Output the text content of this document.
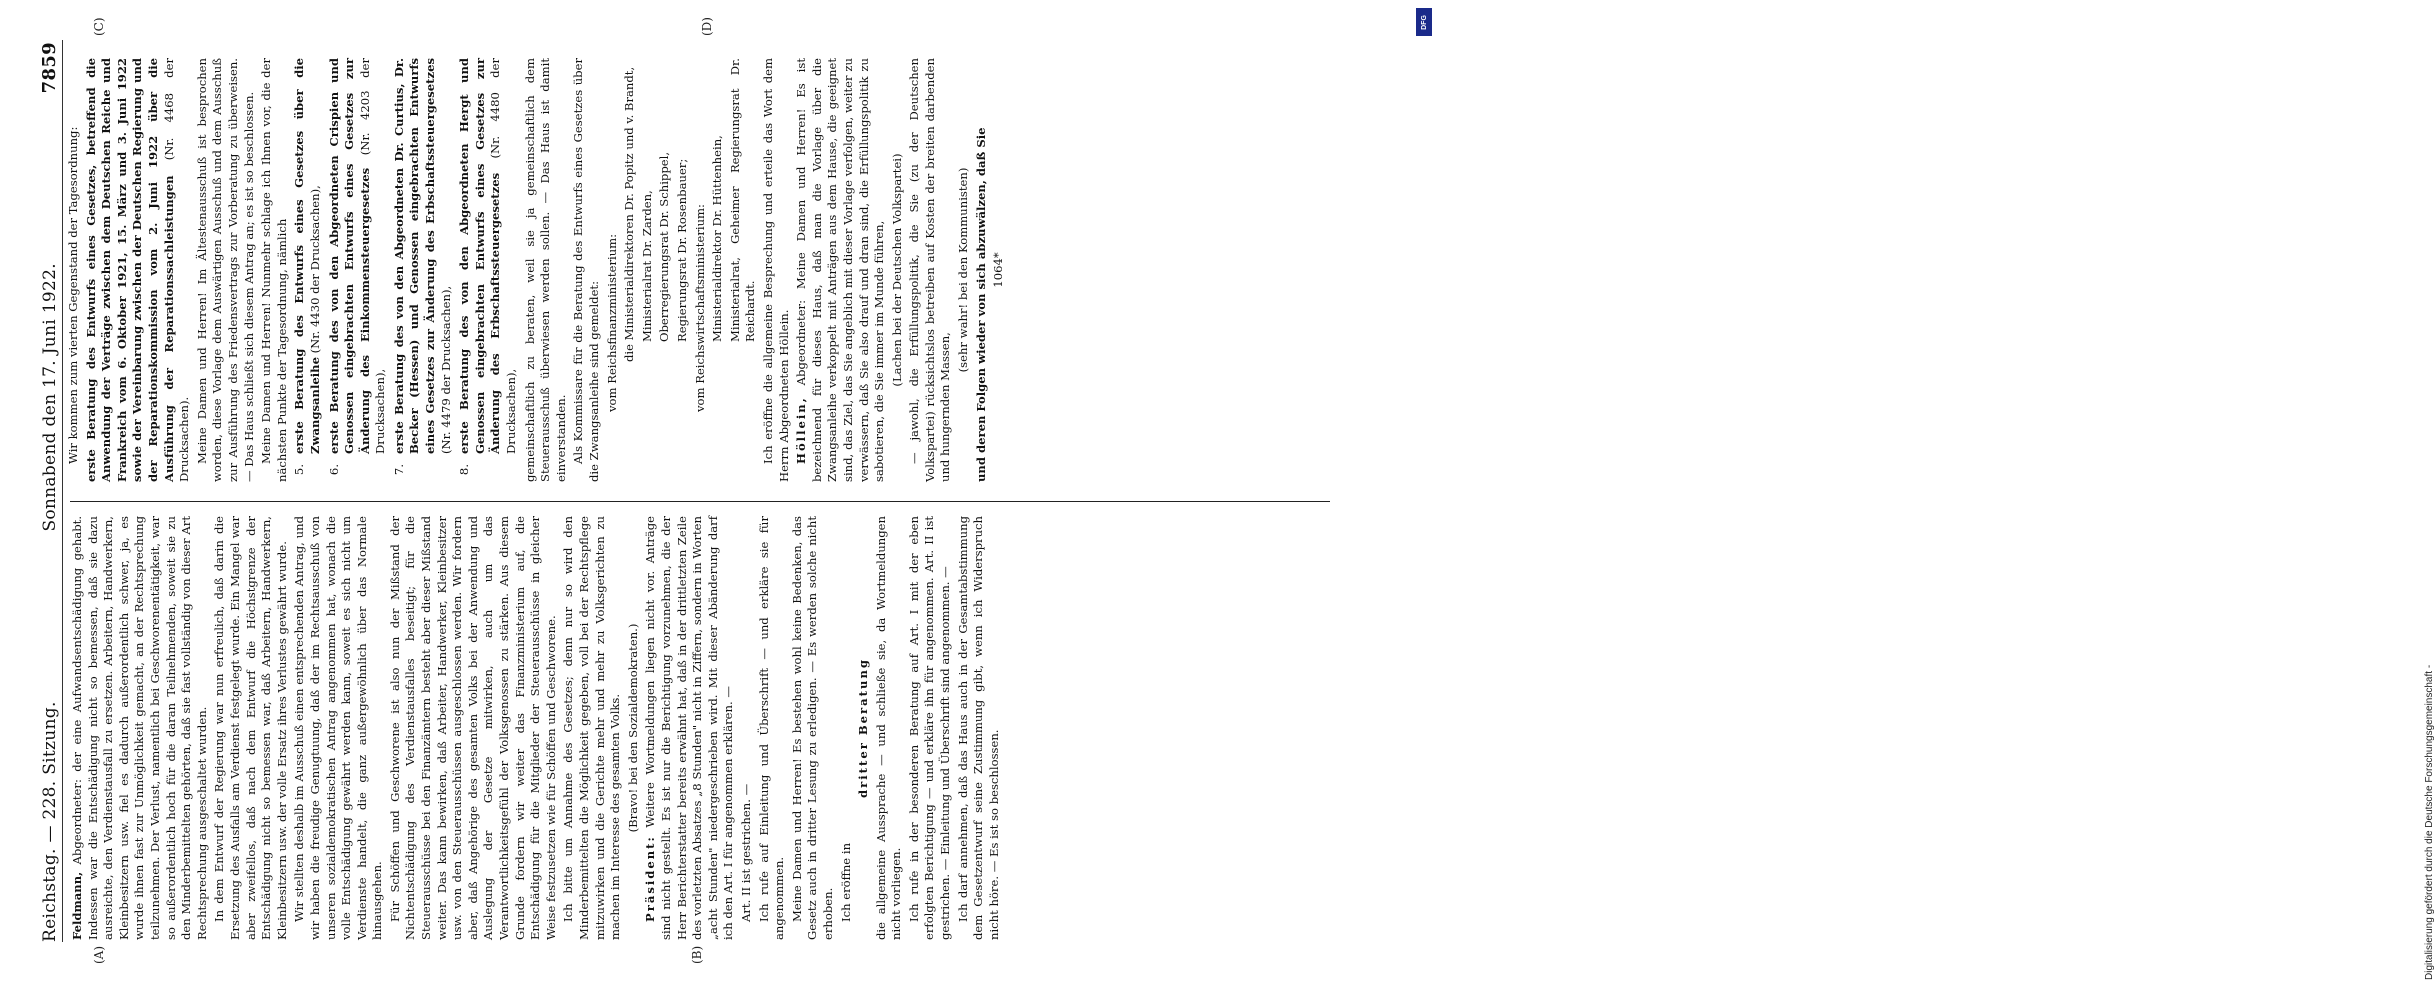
Reichstag. — 228. Sitzung.
Sonnabend den 17. Juni 1922.
7859
(A)	(B)
(C)	(D)

Feldmann, Abgeordneter: der eine Aufwandsentschädigung gehabt. Indessen war die Entschädigung nicht so bemessen, daß sie dazu ausreichte, den Verdienstausfall zu ersetzen. Arbeitern, Handwerkern, Kleinbesitzern usw. fiel es dadurch außerordentlich schwer, ja, es wurde ihnen fast zur Unmöglichkeit gemacht, an der Rechtsprechung teilzunehmen. Der Verlust, namentlich bei Geschworenentätigkeit, war so außerordentlich hoch für die daran Teilnehmenden, soweit sie zu den Minderbemittelten gehörten, daß sie fast vollständig von dieser Art Rechtsprechung ausgeschaltet wurden. In dem Entwurf der Regierung war nun erfreulich, daß darin die Ersetzung des Ausfalls am Verdienst festgelegt wurde. Ein Mangel war aber zweifellos, daß nach dem Entwurf die Höchstgrenze der Entschädigung nicht so bemessen war, daß Arbeitern, Handwerkern, Kleinbesitzern usw. der volle Ersatz ihres Verlustes gewährt wurde. Wir stellten deshalb im Ausschuß einen entsprechenden Antrag, und wir haben die freudige Genugtuung, daß der im Rechtsausschuß von unseren sozialdemokratischen Antrag angenommen hat, wonach die volle Entschädigung gewährt werden kann, soweit es sich nicht um Verdienste handelt, die ganz außergewöhnlich über das Normale hinausgehen. Für Schöffen und Geschworene ist also nun der Mißstand der Nichtentschädigung des Verdienstausfalles beseitigt; für die Steuerausschüsse bei den Finanzämtern besteht aber dieser Mißstand weiter. Das kann bewirken, daß Arbeiter, Handwerker, Kleinbesitzer usw. von den Steuerausschüssen ausgeschlossen werden. Wir fordern aber, daß Angehörige des gesamten Volks bei der Anwendung und Auslegung der Gesetze mitwirken, auch um das Verantwortlichkeitsgefühl der Volksgenossen zu stärken. Aus diesem Grunde fordern wir weiter das Finanzministerium auf, die Entschädigung für die Mitglieder der Steuerausschüsse in gleicher Weise festzusetzen wie für Schöffen und Geschworene. Ich bitte um Annahme des Gesetzes; denn nur so wird den Minderbemittelten die Möglichkeit gegeben, voll bei der Rechtspflege mitzuwirken und die Gerichte mehr und mehr zu Volksgerichten zu machen im Interesse des gesamten Volks. (Bravo! bei den Sozialdemokraten.)

Präsident: Weitere Wortmeldungen liegen nicht vor. Anträge sind nicht gestellt. Es ist nur die Berichtigung vorzunehmen, die der Herr Berichterstatter bereits erwähnt hat, daß in der drittletzten Zeile des vorletzten Absatzes „8 Stunden" nicht in Ziffern, sondern in Worten „acht Stunden" niedergeschrieben wird. Mit dieser Abänderung darf ich den Art. I für angenommen erklären. — Art. II ist gestrichen. — Ich rufe auf Einleitung und Überschrift — und erkläre sie für angenommen. Meine Damen und Herren! Es bestehen wohl keine Bedenken, das Gesetz auch in dritter Lesung zu erledigen. — Es werden solche nicht erhoben. Ich eröffne in

dritter Beratung die allgemeine Aussprache — und schließe sie, da Wortmeldungen nicht vorliegen. Ich rufe in der besonderen Beratung auf Art. I mit der eben erfolgten Berichtigung — und erkläre ihn für angenommen. Art. II ist gestrichen. — Einleitung und Überschrift sind angenommen. — Ich darf annehmen, daß das Haus auch in der Gesamtabstimmung dem Gesetzentwurf seine Zustimmung gibt, wenn ich Widerspruch nicht höre. — Es ist so beschlossen.

Wir kommen zum vierten Gegenstand der Tagesordnung: erste Beratung des Entwurfs eines Gesetzes, betreffend die Anwendung der Verträge zwischen dem Deutschen Reiche und Frankreich vom 6. Oktober 1921, 15. März und 3. Juni 1922 sowie der Vereinbarung zwischen der Deutschen Regierung und der Reparationskommission vom 2. Juni 1922 über die Ausführung der Reparationssachleistungen (Nr. 4468 der Drucksachen). Meine Damen und Herren! Im Ältestenausschuß ist besprochen worden, diese Vorlage dem Auswärtigen Ausschuß und dem Ausschuß zur Ausführung des Friedensvertrags zur Vorberatung zu überweisen. — Das Haus schließt sich diesem Antrag an; es ist so beschlossen. Meine Damen und Herren! Nunmehr schlage ich Ihnen vor, die der nächsten Punkte der Tagesordnung, nämlich 5.
erste Beratung des Entwurfs eines Gesetzes über die Zwangsanleihe (Nr. 4430 der Drucksachen),
6.
erste Beratung des von den Abgeordneten Crispien und Genossen eingebrachten Entwurfs eines Gesetzes zur Änderung des Einkommensteuergesetzes (Nr. 4203 der Drucksachen),
7.
erste Beratung des von den Abgeordneten Dr. Curtius, Dr. Becker (Hessen) und Genossen eingebrachten Entwurfs eines Gesetzes zur Änderung des Erbschaftssteuergesetzes (Nr. 4479 der Drucksachen),
8.
erste Beratung des von den Abgeordneten Hergt und Genossen eingebrachten Entwurfs eines Gesetzes zur Änderung des Erbschaftssteuergesetzes (Nr. 4480 der Drucksachen), gemeinschaftlich zu beraten, weil sie ja gemeinschaftlich dem Steuerausschuß überwiesen werden sollen. — Das Haus ist damit einverstanden. Als Kommissare für die Beratung des Entwurfs eines Gesetzes über die Zwangsanleihe sind gemeldet: vom Reichsfinanzministerium: die Ministerialdirektoren Dr. Popitz und v. Brandt, Ministerialrat Dr. Zarden, Oberregierungsrat Dr. Schippel, Regierungsrat Dr. Rosenbauer; vom Reichswirtschaftsministerium: Ministerialdirektor Dr. Hüttenhein, Ministerialrat, Geheimer Regierungsrat Dr. Reichardt. Ich eröffne die allgemeine Besprechung und erteile das Wort dem Herrn Abgeordneten Höllein. Höllein, Abgeordneter: Meine Damen und Herren! Es ist bezeichnend für dieses Haus, daß man die Vorlage über die Zwangsanleihe verkoppelt mit Anträgen aus dem Hause, die geeignet sind, das Ziel, das Sie angeblich mit dieser Vorlage verfolgen, weiter zu verwässern, daß Sie also drauf und dran sind, die Erfüllungspolitik zu sabotieren, die Sie immer im Munde führen, (Lachen bei der Deutschen Volkspartei) — jawohl, die Erfüllungspolitik, die Sie (zu der Deutschen Volkspartei) rücksichtslos betreiben auf Kosten der breiten darbenden und hungernden Massen,

(sehr wahr! bei den Kommunisten) und deren Folgen wieder von sich abzuwälzen, daß Sie 1064*

DFG
Digitalisierung gefördert durch die Deutsche Forschungsgemeinschaft -
